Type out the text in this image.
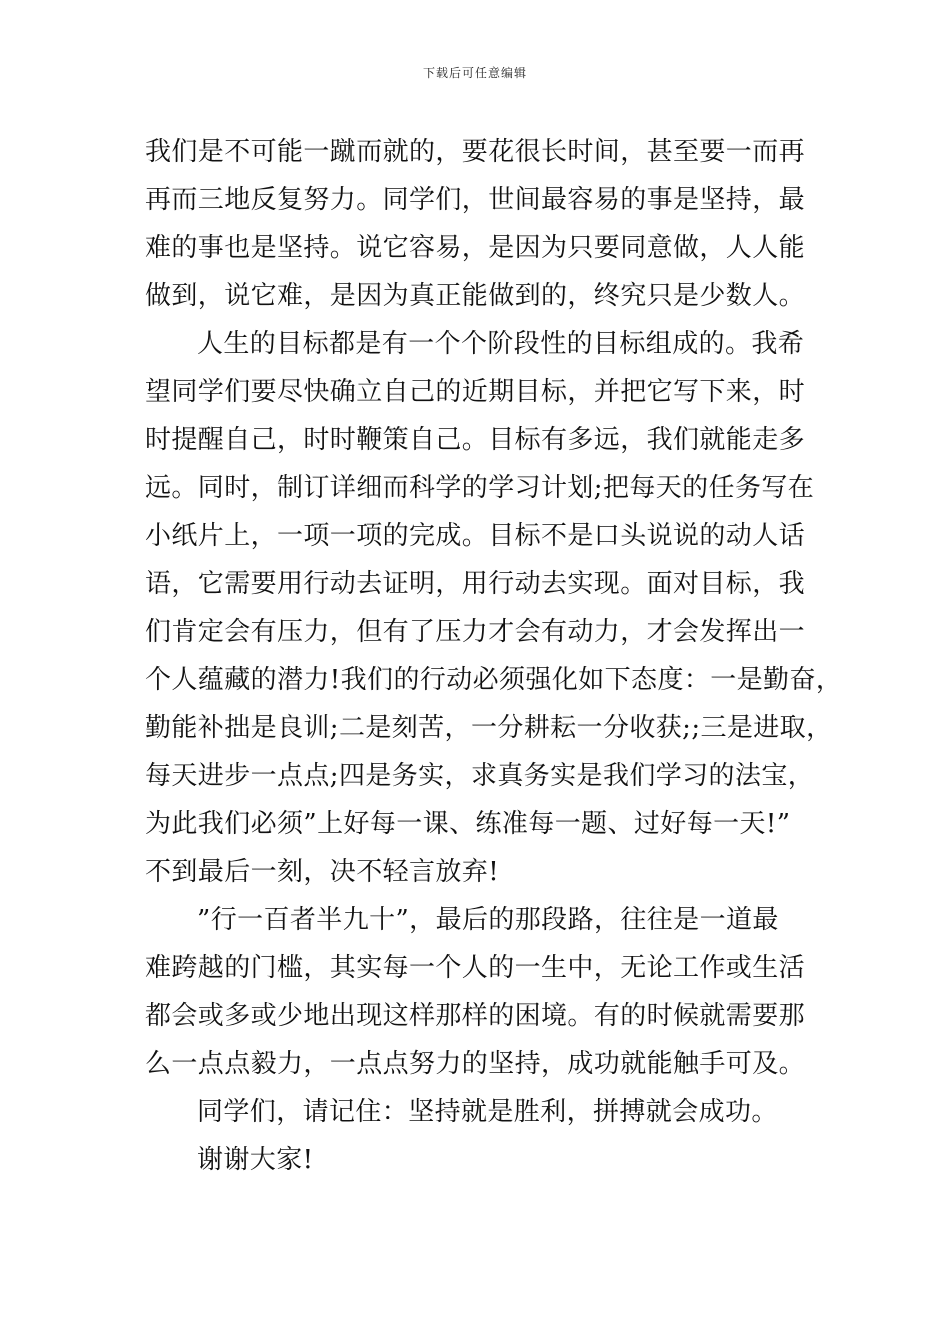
下载后可任意编辑
我们是不可能一蹴而就的，要花很长时间，甚至要一而再
再而三地反复努力。同学们，世间最容易的事是坚持，最
难的事也是坚持。说它容易，是因为只要同意做，人人能
做到，说它难，是因为真正能做到的，终究只是少数人。
人生的目标都是有一个个阶段性的目标组成的。我希
望同学们要尽快确立自己的近期目标，并把它写下来，时
时提醒自己，时时鞭策自己。目标有多远，我们就能走多
远。同时，制订详细而科学的学习计划;把每天的任务写在
小纸片上，一项一项的完成。目标不是口头说说的动人话
语，它需要用行动去证明，用行动去实现。面对目标，我
们肯定会有压力，但有了压力才会有动力，才会发挥出一
个人蕴藏的潜力!我们的行动必须强化如下态度：一是勤奋，
勤能补拙是良训;二是刻苦，一分耕耘一分收获;;三是进取，
每天进步一点点;四是务实，求真务实是我们学习的法宝，
为此我们必须”上好每一课、练准每一题、过好每一天!”
不到最后一刻，决不轻言放弃!
”行一百者半九十”，最后的那段路，往往是一道最
难跨越的门槛，其实每一个人的一生中，无论工作或生活
都会或多或少地出现这样那样的困境。有的时候就需要那
么一点点毅力，一点点努力的坚持，成功就能触手可及。
同学们，请记住：坚持就是胜利，拼搏就会成功。
谢谢大家!
